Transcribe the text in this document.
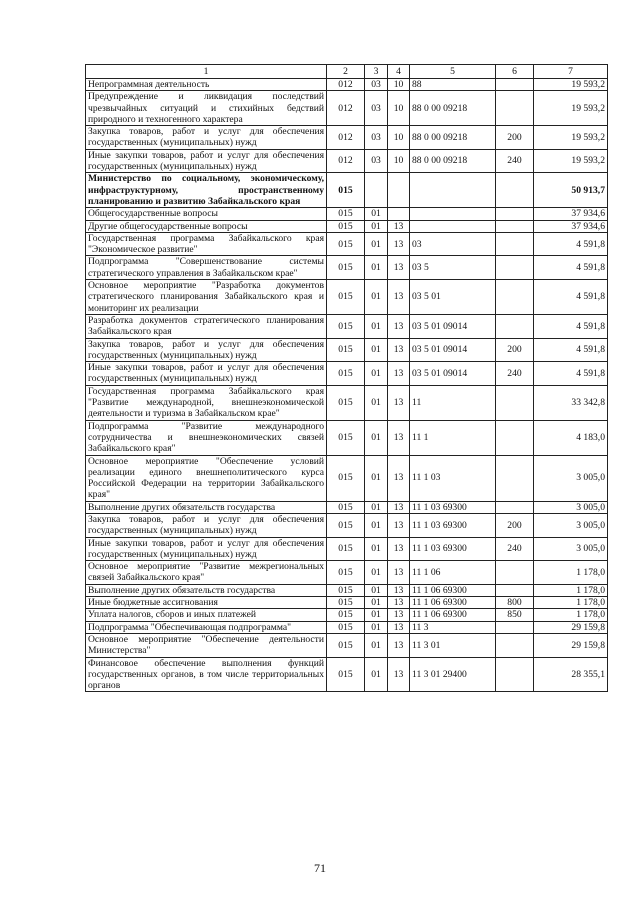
1	2	3	4	5	6	7

Непрограммная деятельность	012	03	10	88		19 593,2

Предупреждение и ликвидация последствий чрезвычайных ситуаций и стихийных бедствий природного и техногенного характера	012	03	10	88 0 00 09218		19 593,2

Закупка товаров, работ и услуг для обеспечения государственных (муниципальных) нужд	012	03	10	88 0 00 09218	200	19 593,2

Иные закупки товаров, работ и услуг для обеспечения государственных (муниципальных) нужд	012	03	10	88 0 00 09218	240	19 593,2

Министерство по социальному, экономическому, инфраструктурному, пространственному планированию и развитию Забайкальского края	015					50 913,7

Общегосударственные вопросы	015	01				37 934,6

Другие общегосударственные вопросы	015	01	13			37 934,6

Государственная программа Забайкальского края "Экономическое развитие"	015	01	13	03		4 591,8

Подпрограмма "Совершенствование системы стратегического управления в Забайкальском крае"	015	01	13	03 5		4 591,8

Основное мероприятие "Разработка документов стратегического планирования Забайкальского края и мониторинг их реализации	015	01	13	03 5 01		4 591,8

Разработка документов стратегического планирования Забайкальского края	015	01	13	03 5 01 09014		4 591,8

Закупка товаров, работ и услуг для обеспечения государственных (муниципальных) нужд	015	01	13	03 5 01 09014	200	4 591,8

Иные закупки товаров, работ и услуг для обеспечения государственных (муниципальных) нужд	015	01	13	03 5 01 09014	240	4 591,8

Государственная программа Забайкальского края "Развитие международной, внешнеэкономической деятельности и туризма в Забайкальском крае"	015	01	13	11		33 342,8

Подпрограмма "Развитие международного сотрудничества и внешнеэкономических связей Забайкальского края"	015	01	13	11 1		4 183,0

Основное мероприятие "Обеспечение условий реализации единого внешнеполитического курса Российской Федерации на территории Забайкальского края"	015	01	13	11 1 03		3 005,0

Выполнение других обязательств государства	015	01	13	11 1 03 69300		3 005,0

Закупка товаров, работ и услуг для обеспечения государственных (муниципальных) нужд	015	01	13	11 1 03 69300	200	3 005,0

Иные закупки товаров, работ и услуг для обеспечения государственных (муниципальных) нужд	015	01	13	11 1 03 69300	240	3 005,0

Основное мероприятие "Развитие межрегиональных связей Забайкальского края"	015	01	13	11 1 06		1 178,0

Выполнение других обязательств государства	015	01	13	11 1 06 69300		1 178,0

Иные бюджетные ассигнования	015	01	13	11 1 06 69300	800	1 178,0

Уплата налогов, сборов и иных платежей	015	01	13	11 1 06 69300	850	1 178,0

Подпрограмма "Обеспечивающая подпрограмма"	015	01	13	11 3		29 159,8

Основное мероприятие "Обеспечение деятельности Министерства"	015	01	13	11 3 01		29 159,8

Финансовое обеспечение выполнения функций государственных органов, в том числе территориальных органов	015	01	13	11 3 01 29400		28 355,1
71
